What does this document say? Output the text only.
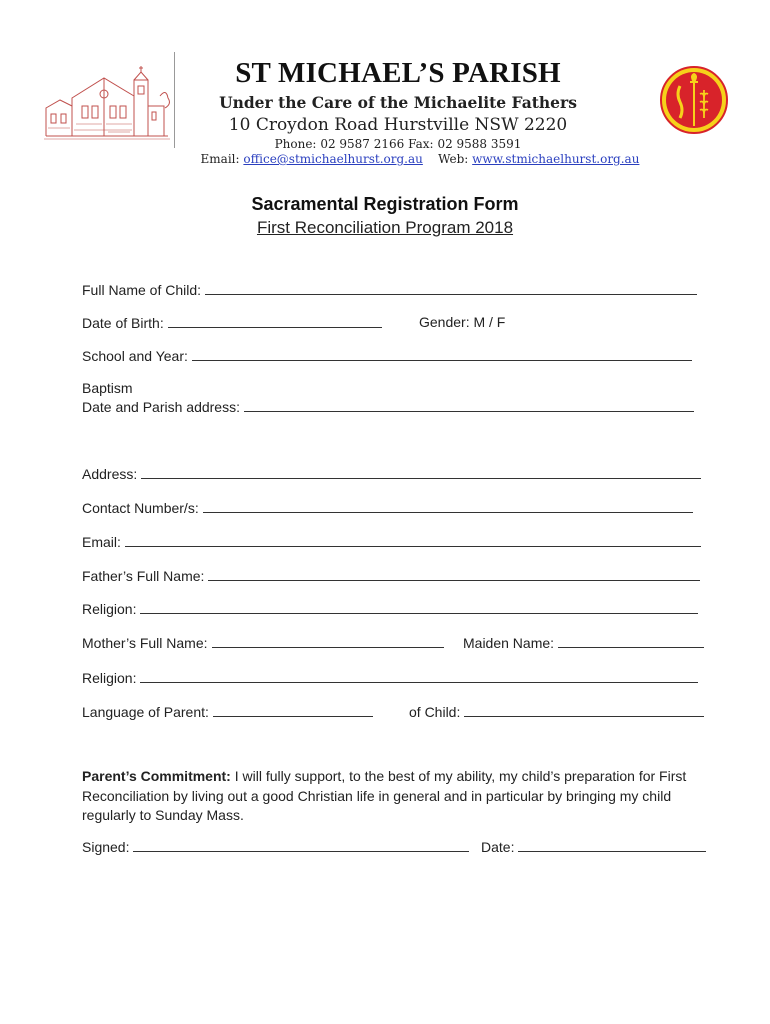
ST MICHAEL’S PARISH
Under the Care of the Michaelite Fathers
10 Croydon Road Hurstville NSW 2220
Phone: 02 9587 2166 Fax: 02 9588 3591
Email: office@stmichaelhurst.org.au Web: www.stmichaelhurst.org.au
Sacramental Registration Form
First Reconciliation Program 2018
Full Name of Child:
Date of Birth:	Gender: M / F
School and Year:
Baptism
Date and Parish address:
Address:
Contact Number/s:
Email:
Father’s Full Name:
Religion:
Mother’s Full Name:	Maiden Name:
Religion:
Language of Parent:	of Child:
Parent’s Commitment: I will fully support, to the best of my ability, my child’s preparation for First Reconciliation by living out a good Christian life in general and in particular by bringing my child regularly to Sunday Mass.
Signed:	Date:
